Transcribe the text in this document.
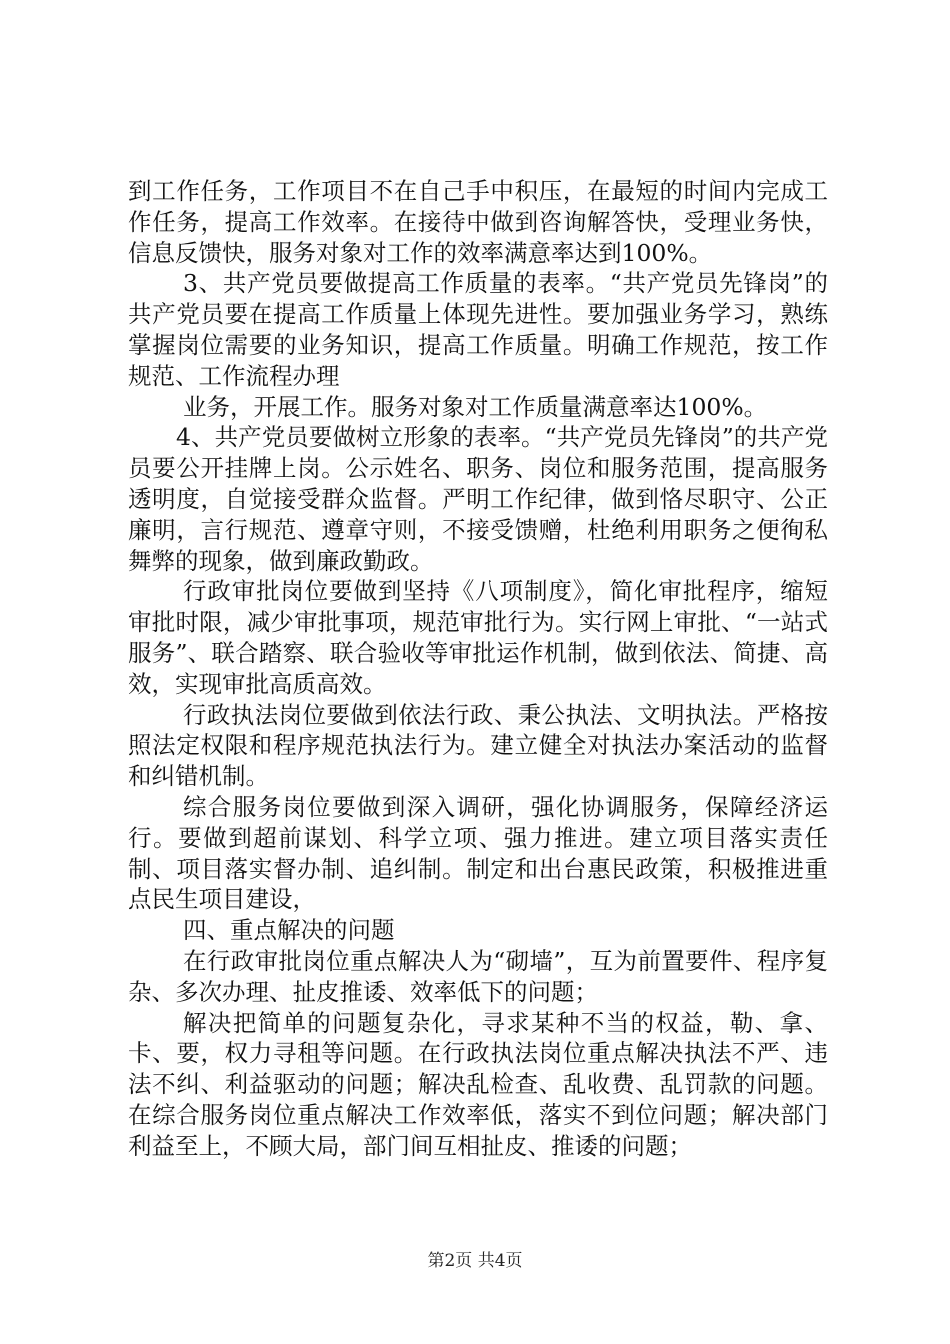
到工作任务，工作项目不在自己手中积压，在最短的时间内完成工作任务，提高工作效率。在接待中做到咨询解答快，受理业务快，信息反馈快，服务对象对工作的效率满意率达到100%。

3、共产党员要做提高工作质量的表率。“共产党员先锋岗”的共产党员要在提高工作质量上体现先进性。要加强业务学习，熟练掌握岗位需要的业务知识，提高工作质量。明确工作规范，按工作规范、工作流程办理

业务，开展工作。服务对象对工作质量满意率达100%。

4、共产党员要做树立形象的表率。“共产党员先锋岗”的共产党员要公开挂牌上岗。公示姓名、职务、岗位和服务范围，提高服务透明度，自觉接受群众监督。严明工作纪律，做到恪尽职守、公正廉明，言行规范、遵章守则，不接受馈赠，杜绝利用职务之便徇私舞弊的现象，做到廉政勤政。

行政审批岗位要做到坚持《八项制度》，简化审批程序，缩短审批时限，减少审批事项，规范审批行为。实行网上审批、“一站式服务”、联合踏察、联合验收等审批运作机制，做到依法、简捷、高效，实现审批高质高效。

行政执法岗位要做到依法行政、秉公执法、文明执法。严格按照法定权限和程序规范执法行为。建立健全对执法办案活动的监督和纠错机制。

综合服务岗位要做到深入调研，强化协调服务，保障经济运行。要做到超前谋划、科学立项、强力推进。建立项目落实责任制、项目落实督办制、追纠制。制定和出台惠民政策，积极推进重点民生项目建设，

四、重点解决的问题

在行政审批岗位重点解决人为“砌墙”，互为前置要件、程序复杂、多次办理、扯皮推诿、效率低下的问题；

解决把简单的问题复杂化，寻求某种不当的权益，勒、拿、卡、要，权力寻租等问题。在行政执法岗位重点解决执法不严、违法不纠、利益驱动的问题；解决乱检查、乱收费、乱罚款的问题。在综合服务岗位重点解决工作效率低，落实不到位问题；解决部门利益至上，不顾大局，部门间互相扯皮、推诿的问题；

第2页 共4页
